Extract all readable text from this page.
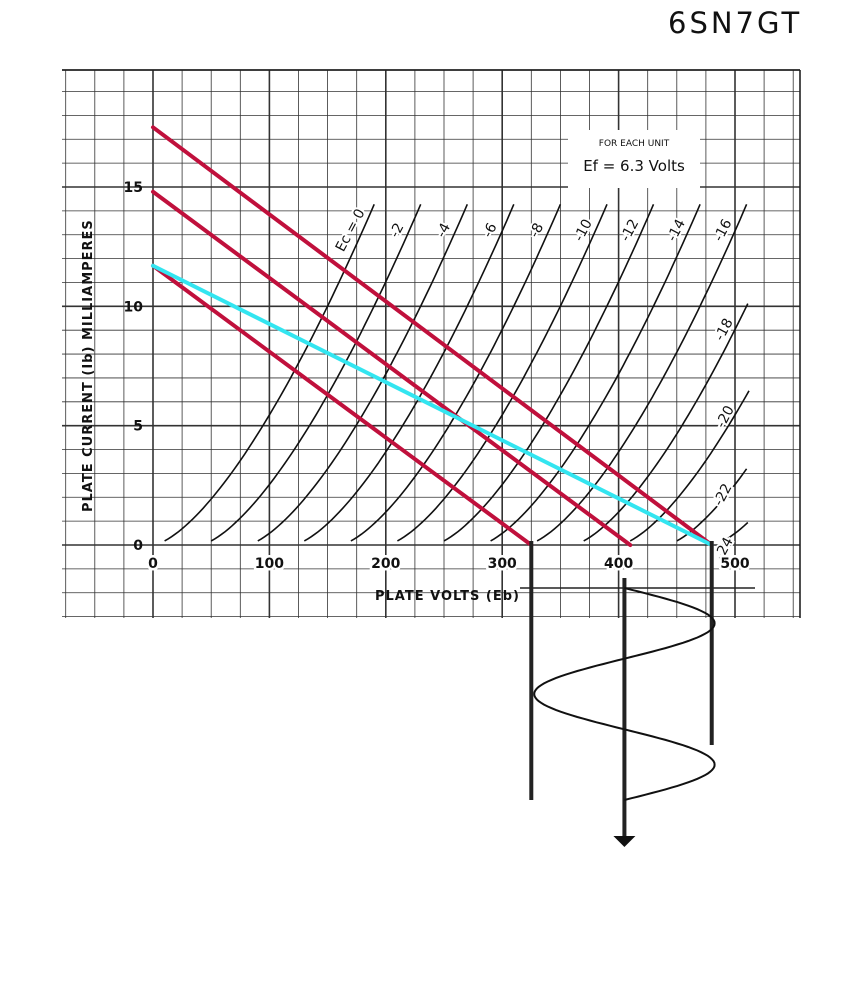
6SN7GT
Ec = 0 -2 -4 -6 -8 -10 -12 -14 -16
-18
-20
-22
-24
0	100	200	300	400	500
0
5
10
15
FOR EACH UNIT
Ef = 6.3 Volts
PLATE VOLTS (Eb)
PLATE CURRENT (Ib) MILLIAMPERES
